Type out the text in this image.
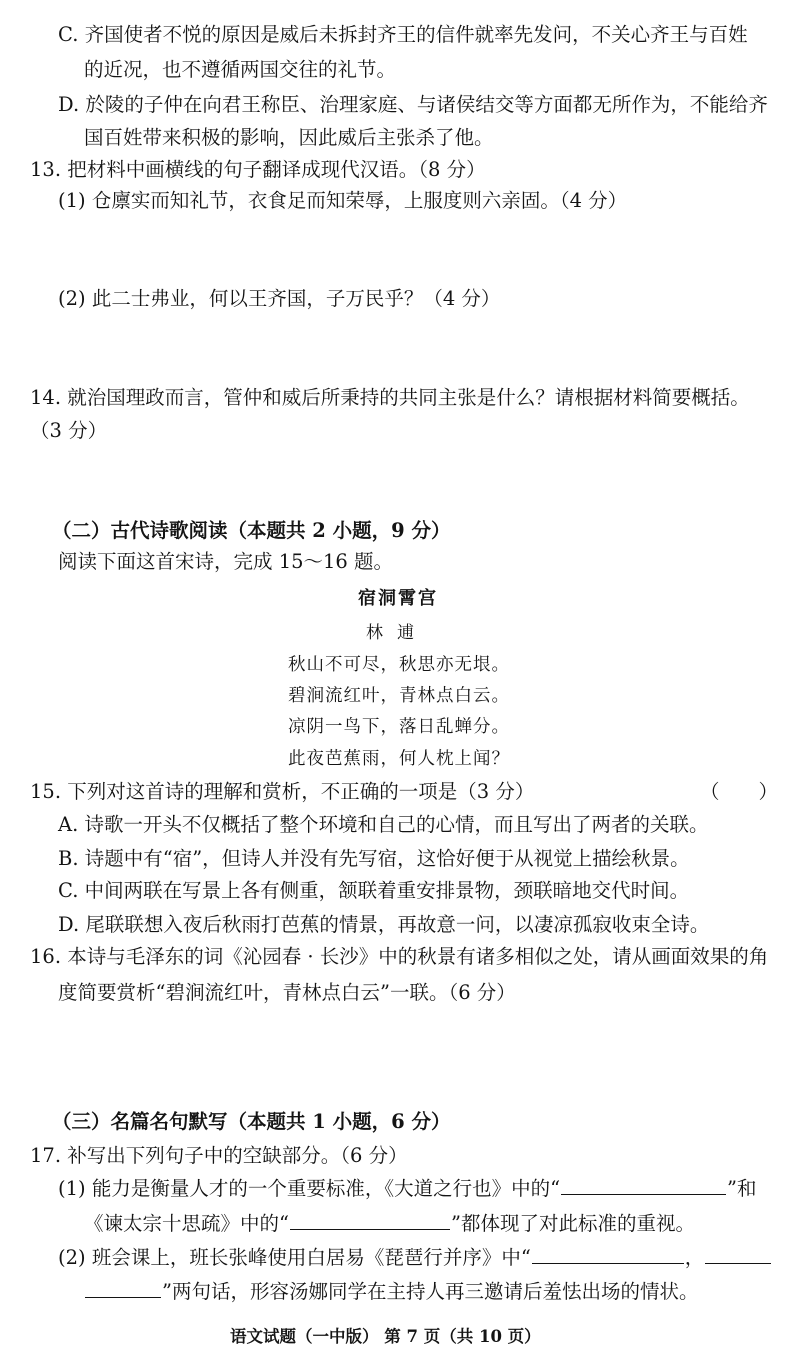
C. 齐国使者不悦的原因是威后未拆封齐王的信件就率先发问，不关心齐王与百姓
的近况，也不遵循两国交往的礼节。
D. 於陵的子仲在向君王称臣、治理家庭、与诸侯结交等方面都无所作为，不能给齐
国百姓带来积极的影响，因此威后主张杀了他。
13. 把材料中画横线的句子翻译成现代汉语。（8 分）
(1) 仓廪实而知礼节，衣食足而知荣辱，上服度则六亲固。（4 分）
(2) 此二士弗业，何以王齐国，子万民乎？（4 分）
14. 就治国理政而言，管仲和威后所秉持的共同主张是什么？请根据材料简要概括。
（3 分）
（二）古代诗歌阅读（本题共 2 小题，9 分）
阅读下面这首宋诗，完成 15～16 题。
宿洞霄宫
林逋
秋山不可尽，秋思亦无垠。
碧涧流红叶，青林点白云。
凉阴一鸟下，落日乱蝉分。
此夜芭蕉雨，何人枕上闻？
15. 下列对这首诗的理解和赏析，不正确的一项是（3 分）	（　　）
A. 诗歌一开头不仅概括了整个环境和自己的心情，而且写出了两者的关联。
B. 诗题中有“宿”，但诗人并没有先写宿，这恰好便于从视觉上描绘秋景。
C. 中间两联在写景上各有侧重，颔联着重安排景物，颈联暗地交代时间。
D. 尾联联想入夜后秋雨打芭蕉的情景，再故意一问，以凄凉孤寂收束全诗。
16. 本诗与毛泽东的词《沁园春 · 长沙》中的秋景有诸多相似之处，请从画面效果的角
度简要赏析“碧涧流红叶，青林点白云”一联。（6 分）
（三）名篇名句默写（本题共 1 小题，6 分）
17. 补写出下列句子中的空缺部分。（6 分）
(1) 能力是衡量人才的一个重要标准，《大道之行也》中的“	”和
《谏太宗十思疏》中的“	”都体现了对此标准的重视。
(2) 班会课上，班长张峰使用白居易《琵琶行并序》中“	，
”两句话，形容汤娜同学在主持人再三邀请后羞怯出场的情状。
语文试题（一中版） 第 7 页（共 10 页）
